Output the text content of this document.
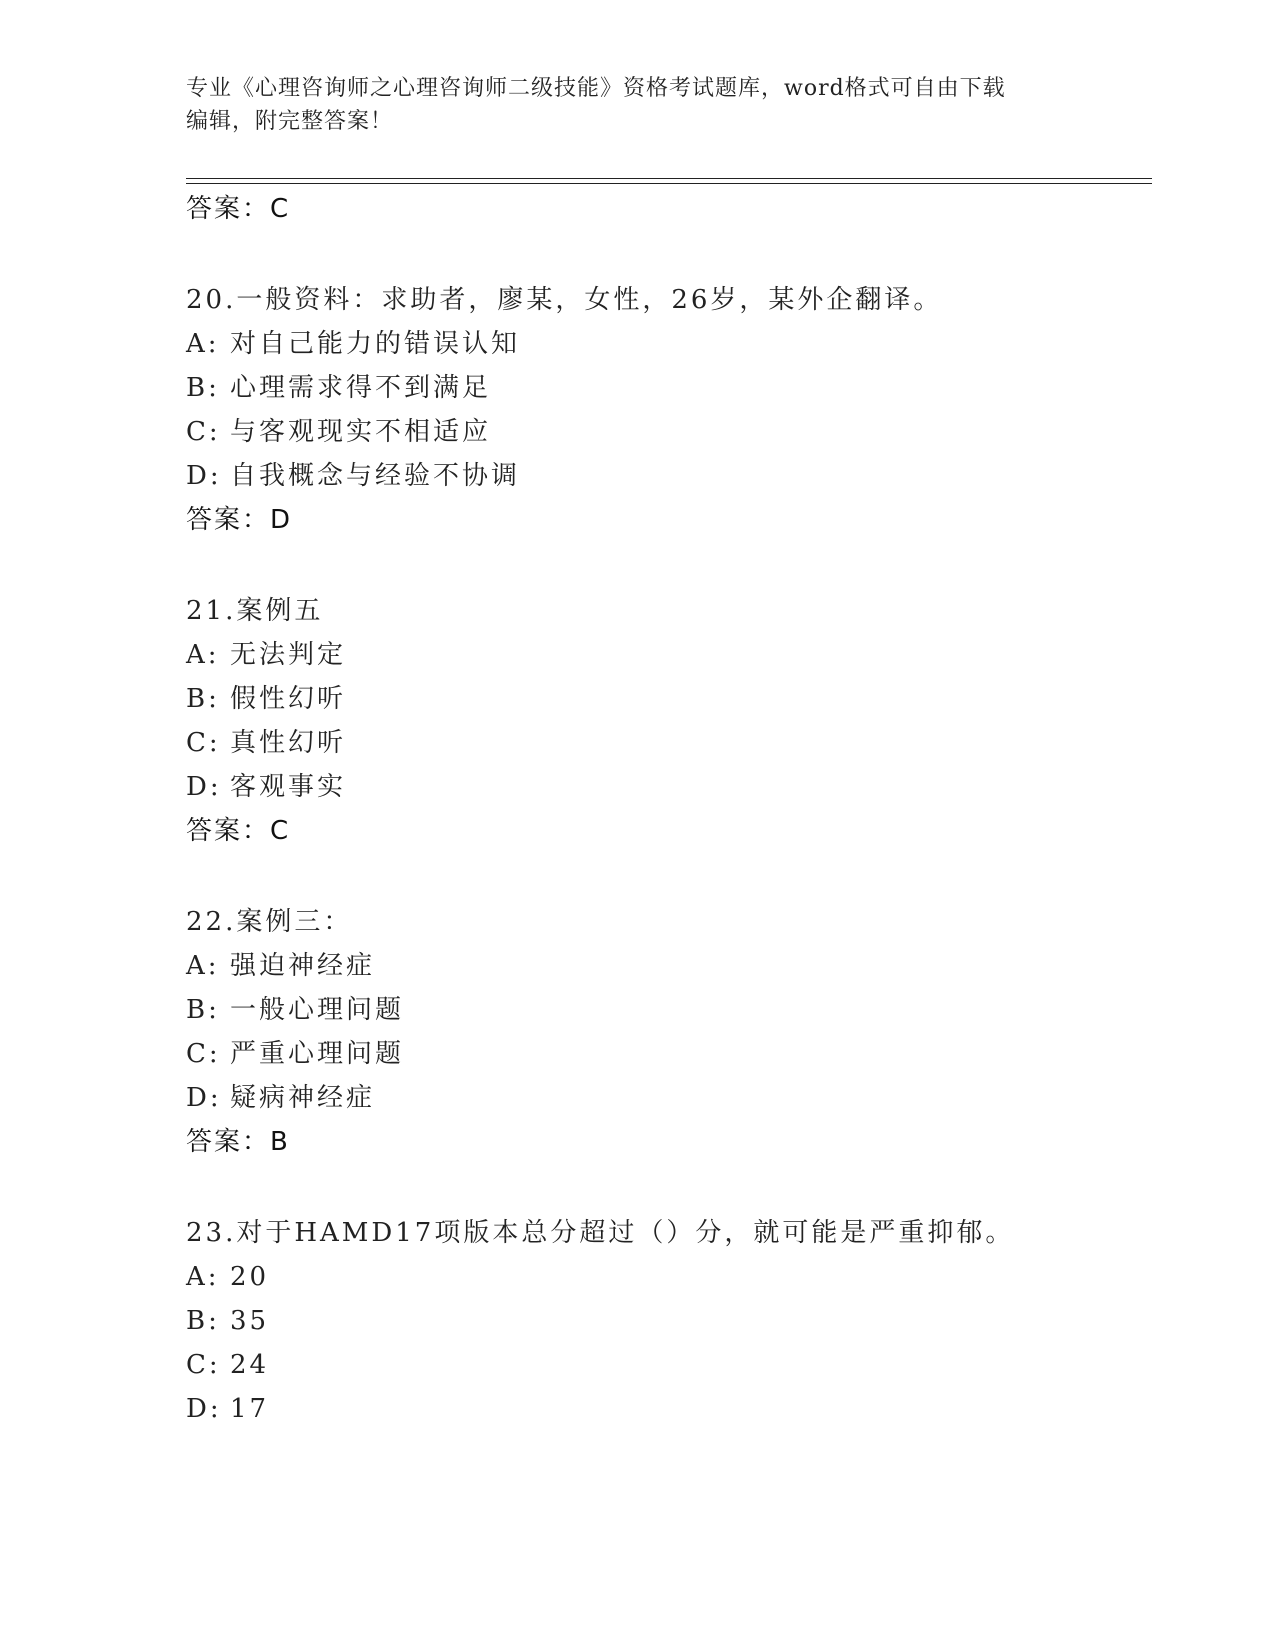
专业《心理咨询师之心理咨询师二级技能》资格考试题库，word格式可自由下载
编辑，附完整答案！
答案：C
20.一般资料：求助者，廖某，女性，26岁，某外企翻译。
A: 对自己能力的错误认知
B: 心理需求得不到满足
C: 与客观现实不相适应
D: 自我概念与经验不协调
答案：D
21.案例五
A: 无法判定
B: 假性幻听
C: 真性幻听
D: 客观事实
答案：C
22.案例三：
A: 强迫神经症
B: 一般心理问题
C: 严重心理问题
D: 疑病神经症
答案：B
23.对于HAMD17项版本总分超过（）分，就可能是严重抑郁。
A: 20
B: 35
C: 24
D: 17
